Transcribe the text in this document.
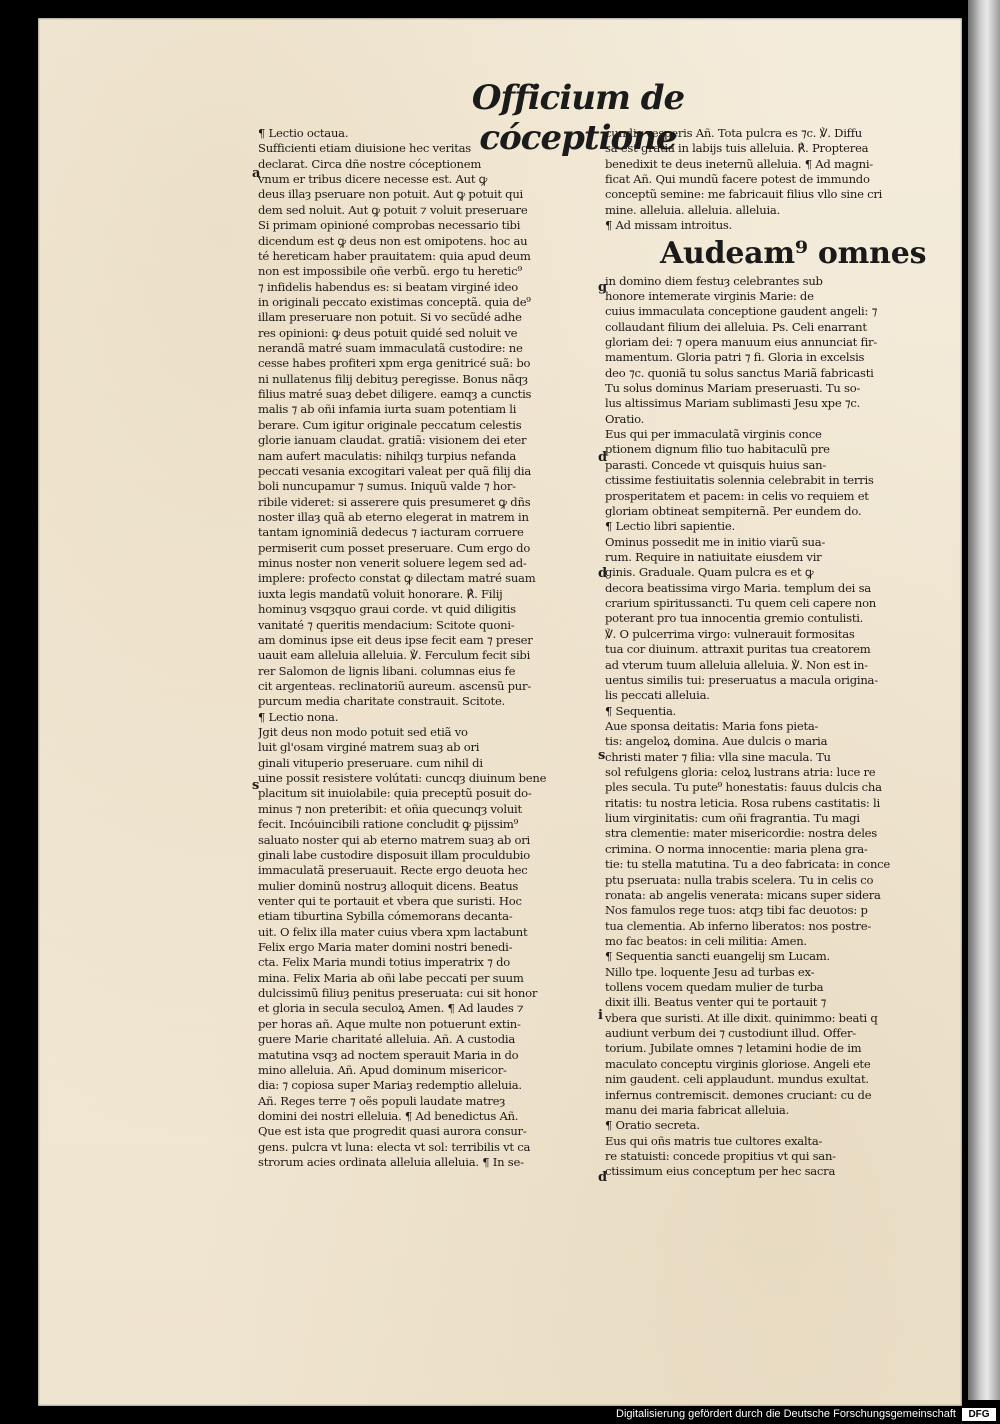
Officium de cóceptione
¶ Lectio octaua.
Sufficienti etiam diuisione hec veritas
declarat. Circa dñe nostre cóceptionem
vnum er tribus dicere necesse est. Aut ꝙ
deus illaȝ pseruare non potuit. Aut ꝙ potuit qui
dem sed noluit. Aut ꝙ potuit ⁊ voluit preseruare
Si primam opinioné comprobas necessario tibi
dicendum est ꝙ deus non est omipotens. hoc au
té hereticam haber prauitatem: quia apud deum
non est impossibile oñe verbũ. ergo tu heretic⁹
⁊ infidelis habendus es: si beatam virginé ideo
in originali peccato existimas conceptã. quia de⁹
illam preseruare non potuit. Si vo secũdé adhe
res opinioni: ꝙ deus potuit quidé sed noluit ve
nerandã matré suam immaculatã custodire: ne
cesse habes profiteri xpm erga genitricé suã: bo
ni nullatenus filij debituȝ peregisse. Bonus nãqȝ
filius matré suaȝ debet diligere. eamqȝ a cunctis
malis ⁊ ab oñi infamia iurta suam potentiam li
berare. Cum igitur originale peccatum celestis
glorie ianuam claudat. gratiã: visionem dei eter
nam aufert maculatis: nihilqȝ turpius nefanda
peccati vesania excogitari valeat per quã filij dia
boli nuncupamur ⁊ sumus. Iniquũ valde ⁊ hor-
ribile videret: si asserere quis presumeret ꝙ dñs
noster illaȝ quã ab eterno elegerat in matrem in
tantam ignominiã dedecus ⁊ iacturam corruere
permiserit cum posset preseruare. Cum ergo do
minus noster non venerit soluere legem sed ad-
implere: profecto constat ꝙ dilectam matré suam
iuxta legis mandatũ voluit honorare. ℟. Filij
hominuȝ vsqȝquo graui corde. vt quid diligitis
vanitaté ⁊ queritis mendacium: Scitote quoni-
am dominus ipse eit deus ipse fecit eam ⁊ preser
uauit eam alleluia alleluia. ℣. Ferculum fecit sibi
rer Salomon de lignis libani. columnas eius fe
cit argenteas. reclinatoriũ aureum. ascensũ pur-
purcum media charitate constrauit. Scitote.
¶ Lectio nona.
Jgit deus non modo potuit sed etiã vo
luit gl'osam virginé matrem suaȝ ab ori
ginali vituperio preseruare. cum nihil di
uine possit resistere volútati: cuncqȝ diuinum bene
placitum sit inuiolabile: quia preceptũ posuit do-
minus ⁊ non preteribit: et oñia quecunqȝ voluit
fecit. Incóuincibili ratione concludit ꝙ pijssim⁹
saluato noster qui ab eterno matrem suaȝ ab ori
ginali labe custodire disposuit illam proculdubio
immaculatã preseruauit. Recte ergo deuota hec
mulier dominũ nostruȝ alloquit dicens. Beatus
venter qui te portauit et vbera que suristi. Hoc
etiam tiburtina Sybilla cómemorans decanta-
uit. O felix illa mater cuius vbera xpm lactabunt
Felix ergo Maria mater domini nostri benedi-
cta. Felix Maria mundi totius imperatrix ⁊ do
mina. Felix Maria ab oñi labe peccati per suum
dulcissimũ filiuȝ penitus preseruata: cui sit honor
et gloria in secula seculoꝝ Amen. ¶ Ad laudes ⁊
per horas añ. Aque multe non potuerunt extin-
guere Marie charitaté alleluia. Añ. A custodia
matutina vsqȝ ad noctem sperauit Maria in do
mino alleluia. Añ. Apud dominum misericor-
dia: ⁊ copiosa super Mariaȝ redemptio alleluia.
Añ. Reges terre ⁊ oẽs populi laudate matreȝ
domini dei nostri elleluia. ¶ Ad benedictus Añ.
Que est ista que progredit quasi aurora consur-
gens. pulcra vt luna: electa vt sol: terribilis vt ca
strorum acies ordinata alleluia alleluia. ¶ In se-
cundis vesperis Añ. Tota pulcra es ⁊c. ℣. Diffu
sa est gratia in labijs tuis alleluia. ℟. Propterea
benedixit te deus ineternũ alleluia. ¶ Ad magni-
ficat Añ. Qui mundũ facere potest de immundo
conceptũ semine: me fabricauit filius vllo sine cri
mine. alleluia. alleluia. alleluia.
¶ Ad missam introitus.
Audeam⁹ omnes
in domino diem festuȝ celebrantes sub
honore intemerate virginis Marie: de
cuius immaculata conceptione gaudent angeli: ⁊
collaudant filium dei alleluia. Ps. Celi enarrant
gloriam dei: ⁊ opera manuum eius annunciat fir-
mamentum. Gloria patri ⁊ fi. Gloria in excelsis
deo ⁊c. quoniã tu solus sanctus Mariã fabricasti
Tu solus dominus Mariam preseruasti. Tu so-
lus altissimus Mariam sublimasti Jesu xpe ⁊c.
Oratio.
Eus qui per immaculatã virginis conce
ptionem dignum filio tuo habitaculũ pre
parasti. Concede vt quisquis huius san-
ctissime festiuitatis solennia celebrabit in terris
prosperitatem et pacem: in celis vo requiem et
gloriam obtineat sempiternã. Per eundem do.
¶ Lectio libri sapientie.
Ominus possedit me in initio viarũ sua-
rum. Require in natiuitate eiusdem vir
ginis. Graduale. Quam pulcra es et ꝙ
decora beatissima virgo Maria. templum dei sa
crarium spiritussancti. Tu quem celi capere non
poterant pro tua innocentia gremio contulisti.
℣. O pulcerrima virgo: vulnerauit formositas
tua cor diuinum. attraxit puritas tua creatorem
ad vterum tuum alleluia alleluia. ℣. Non est in-
uentus similis tui: preseruatus a macula origina-
lis peccati alleluia.
¶ Sequentia.
Aue sponsa deitatis: Maria fons pieta-
tis: angeloꝝ domina. Aue dulcis o maria
christi mater ⁊ filia: vlla sine macula. Tu
sol refulgens gloria: celoꝝ lustrans atria: luce re
ples secula. Tu pute⁹ honestatis: fauus dulcis cha
ritatis: tu nostra leticia. Rosa rubens castitatis: li
lium virginitatis: cum oñi fragrantia. Tu magi
stra clementie: mater misericordie: nostra deles
crimina. O norma innocentie: maria plena gra-
tie: tu stella matutina. Tu a deo fabricata: in conce
ptu pseruata: nulla trabis scelera. Tu in celis co
ronata: ab angelis venerata: micans super sidera
Nos famulos rege tuos: atqȝ tibi fac deuotos: p
tua clementia. Ab inferno liberatos: nos postre-
mo fac beatos: in celi militia: Amen.
¶ Sequentia sancti euangelij sm Lucam.
Nillo tpe. loquente Jesu ad turbas ex-
tollens vocem quedam mulier de turba
dixit illi. Beatus venter qui te portauit ⁊
vbera que suristi. At ille dixit. quinimmo: beati q
audiunt verbum dei ⁊ custodiunt illud. Offer-
torium. Jubilate omnes ⁊ letamini hodie de im
maculato conceptu virginis gloriose. Angeli ete
nim gaudent. celi applaudunt. mundus exultat.
infernus contremiscit. demones cruciant: cu de
manu dei maria fabricat alleluia.
¶ Oratio secreta.
Eus qui oñs matris tue cultores exalta-
re statuisti: concede propitius vt qui san-
ctissimum eius conceptum per hec sacra
a
s
g
d
d
s
i
d
Digitalisierung gefördert durch die Deutsche Forschungsgemeinschaft	DFG
